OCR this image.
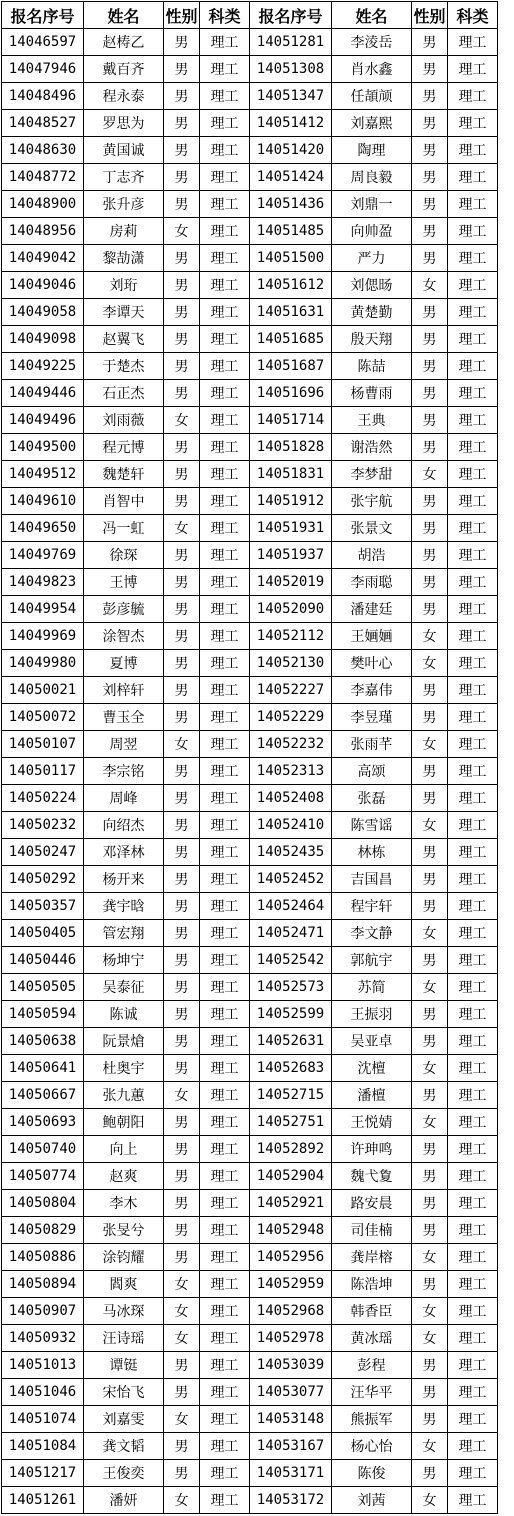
报名序号	姓名	性别	科类	报名序号	姓名	性别	科类
14046597	赵梼乙	男	理工	14051281	李淩岳	男	理工
14047946	戴百齐	男	理工	14051308	肖水鑫	男	理工
14048496	程永泰	男	理工	14051347	任頡颃	男	理工
14048527	罗思为	男	理工	14051412	刘嘉熙	男	理工
14048630	黄国诚	男	理工	14051420	陶理	男	理工
14048772	丁志齐	男	理工	14051424	周良毅	男	理工
14048900	张升彦	男	理工	14051436	刘鼎一	男	理工
14048956	房莉	女	理工	14051485	向帅盈	男	理工
14049042	黎劼潇	男	理工	14051500	严力	男	理工
14049046	刘珩	男	理工	14051612	刘偲旸	女	理工
14049058	李谭天	男	理工	14051631	黄楚勤	男	理工
14049098	赵翼飞	男	理工	14051685	殷天翔	男	理工
14049225	于楚杰	男	理工	14051687	陈喆	男	理工
14049446	石正杰	男	理工	14051696	杨曹雨	男	理工
14049496	刘雨薇	女	理工	14051714	王典	男	理工
14049500	程元博	男	理工	14051828	谢浩然	男	理工
14049512	魏楚轩	男	理工	14051831	李梦甜	女	理工
14049610	肖智中	男	理工	14051912	张宇航	男	理工
14049650	冯一虹	女	理工	14051931	张景文	男	理工
14049769	徐琛	男	理工	14051937	胡浩	男	理工
14049823	王博	男	理工	14052019	李雨聪	男	理工
14049954	彭彦毓	男	理工	14052090	潘建廷	男	理工
14049969	涂智杰	男	理工	14052112	王婳婳	女	理工
14049980	夏博	男	理工	14052130	樊叶心	女	理工
14050021	刘梓轩	男	理工	14052227	李嘉伟	男	理工
14050072	曹玉全	男	理工	14052229	李昱瑾	男	理工
14050107	周翌	女	理工	14052232	张雨芊	女	理工
14050117	李宗铭	男	理工	14052313	高颂	男	理工
14050224	周峰	男	理工	14052408	张磊	男	理工
14050232	向绍杰	男	理工	14052410	陈雪谣	女	理工
14050247	邓泽林	男	理工	14052435	林栋	男	理工
14050292	杨开来	男	理工	14052452	吉国昌	男	理工
14050357	龚宇晗	男	理工	14052464	程宇轩	男	理工
14050405	管宏翔	男	理工	14052471	李文静	女	理工
14050446	杨坤宁	男	理工	14052542	郭航宇	男	理工
14050505	吴泰征	男	理工	14052573	苏简	女	理工
14050594	陈诚	男	理工	14052599	王振羽	男	理工
14050638	阮景熗	男	理工	14052631	吴亚卓	男	理工
14050641	杜奥宇	男	理工	14052683	沈檀	女	理工
14050667	张九蕙	女	理工	14052715	潘檀	男	理工
14050693	鲍朝阳	男	理工	14052751	王悦婧	女	理工
14050740	向上	男	理工	14052892	许珅鸣	男	理工
14050774	赵爽	男	理工	14052904	魏弋夐	男	理工
14050804	李木	男	理工	14052921	路安晨	男	理工
14050829	张旻兮	男	理工	14052948	司佳楠	男	理工
14050886	涂钧耀	男	理工	14052956	龚岸榕	女	理工
14050894	閻爽	女	理工	14052959	陈浩坤	男	理工
14050907	马冰琛	女	理工	14052968	韩香臣	女	理工
14050932	汪诗瑶	女	理工	14052978	黄冰瑶	女	理工
14051013	谭铤	男	理工	14053039	彭程	男	理工
14051046	宋怡飞	男	理工	14053077	汪华平	男	理工
14051074	刘嘉雯	女	理工	14053148	熊振军	男	理工
14051084	龚文韬	男	理工	14053167	杨心怡	女	理工
14051217	王俊奕	男	理工	14053171	陈俊	男	理工
14051261	潘妍	女	理工	14053172	刘茜	女	理工
